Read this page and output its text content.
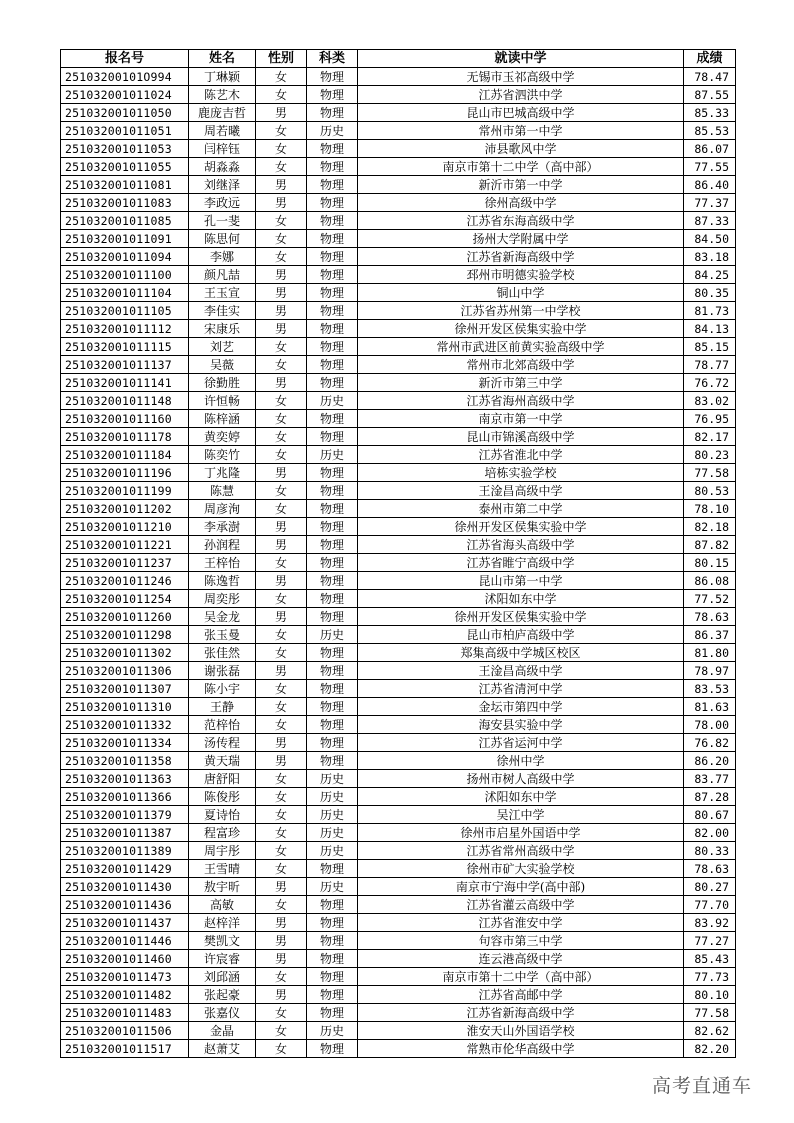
报名号	姓名	性别	科类	就读中学	成绩
25103200101O994	丁琳颖	女	物理	无锡市玉祁高级中学	78.47
251032001011024	陈艺木	女	物理	江苏省泗洪中学	87.55
251032001011050	鹿庞吉哲	男	物理	昆山市巴城高级中学	85.33
251032001011051	周若曦	女	历史	常州市第一中学	85.53
251032001011053	闫梓钰	女	物理	沛县歌风中学	86.07
251032001011055	胡淼淼	女	物理	南京市第十二中学（高中部）	77.55
251032001011081	刘继泽	男	物理	新沂市第一中学	86.40
251032001011083	李政远	男	物理	徐州高级中学	77.37
251032001011085	孔一斐	女	物理	江苏省东海高级中学	87.33
251032001011091	陈思何	女	物理	扬州大学附属中学	84.50
251032001011094	李娜	女	物理	江苏省新海高级中学	83.18
251032001011100	颜凡喆	男	物理	邳州市明德实验学校	84.25
251032001011104	王玉宣	男	物理	铜山中学	80.35
251032001011105	李佳实	男	物理	江苏省苏州第一中学校	81.73
251032001011112	宋康乐	男	物理	徐州开发区侯集实验中学	84.13
251032001011115	刘艺	女	物理	常州市武进区前黄实验高级中学	85.15
251032001011137	吴薇	女	物理	常州市北郊高级中学	78.77
251032001011141	徐勤胜	男	物理	新沂市第三中学	76.72
251032001011148	许恒畅	女	历史	江苏省海州高级中学	83.02
251032001011160	陈梓涵	女	物理	南京市第一中学	76.95
251032001011178	黄奕婷	女	物理	昆山市锦溪高级中学	82.17
251032001011184	陈奕竹	女	历史	江苏省淮北中学	80.23
251032001011196	丁兆隆	男	物理	培栋实验学校	77.58
251032001011199	陈慧	女	物理	王淦昌高级中学	80.53
251032001011202	周彦洵	女	物理	泰州市第二中学	78.10
251032001011210	李承澍	男	物理	徐州开发区侯集实验中学	82.18
251032001011221	孙润程	男	物理	江苏省海头高级中学	87.82
251032001011237	王梓怡	女	物理	江苏省睢宁高级中学	80.15
251032001011246	陈逸哲	男	物理	昆山市第一中学	86.08
251032001011254	周奕彤	女	物理	沭阳如东中学	77.52
251032001011260	吴金龙	男	物理	徐州开发区侯集实验中学	78.63
251032001011298	张玉曼	女	历史	昆山市柏庐高级中学	86.37
251032001011302	张佳然	女	物理	郑集高级中学城区校区	81.80
251032001011306	谢张磊	男	物理	王淦昌高级中学	78.97
251032001011307	陈小宇	女	物理	江苏省清河中学	83.53
251032001011310	王静	女	物理	金坛市第四中学	81.63
251032001011332	范梓怡	女	物理	海安县实验中学	78.00
251032001011334	汤传程	男	物理	江苏省运河中学	76.82
251032001011358	黄天瑞	男	物理	徐州中学	86.20
251032001011363	唐舒阳	女	历史	扬州市树人高级中学	83.77
251032001011366	陈俊彤	女	历史	沭阳如东中学	87.28
251032001011379	夏诗怡	女	历史	吴江中学	80.67
251032001011387	程富珍	女	历史	徐州市启星外国语中学	82.00
251032001011389	周宇彤	女	历史	江苏省常州高级中学	80.33
251032001011429	王雪晴	女	物理	徐州市矿大实验学校	78.63
251032001011430	敖宇昕	男	历史	南京市宁海中学(高中部)	80.27
251032001011436	高敏	女	物理	江苏省灌云高级中学	77.70
251032001011437	赵梓洋	男	物理	江苏省淮安中学	83.92
251032001011446	樊凯文	男	物理	句容市第三中学	77.27
251032001011460	许宸睿	男	物理	连云港高级中学	85.43
251032001011473	刘邱涵	女	物理	南京市第十二中学（高中部）	77.73
251032001011482	张起豪	男	物理	江苏省高邮中学	80.10
251032001011483	张嘉仪	女	物理	江苏省新海高级中学	77.58
251032001011506	金晶	女	历史	淮安天山外国语学校	82.62
251032001011517	赵萧艾	女	物理	常熟市伦华高级中学	82.20
高考直通车
